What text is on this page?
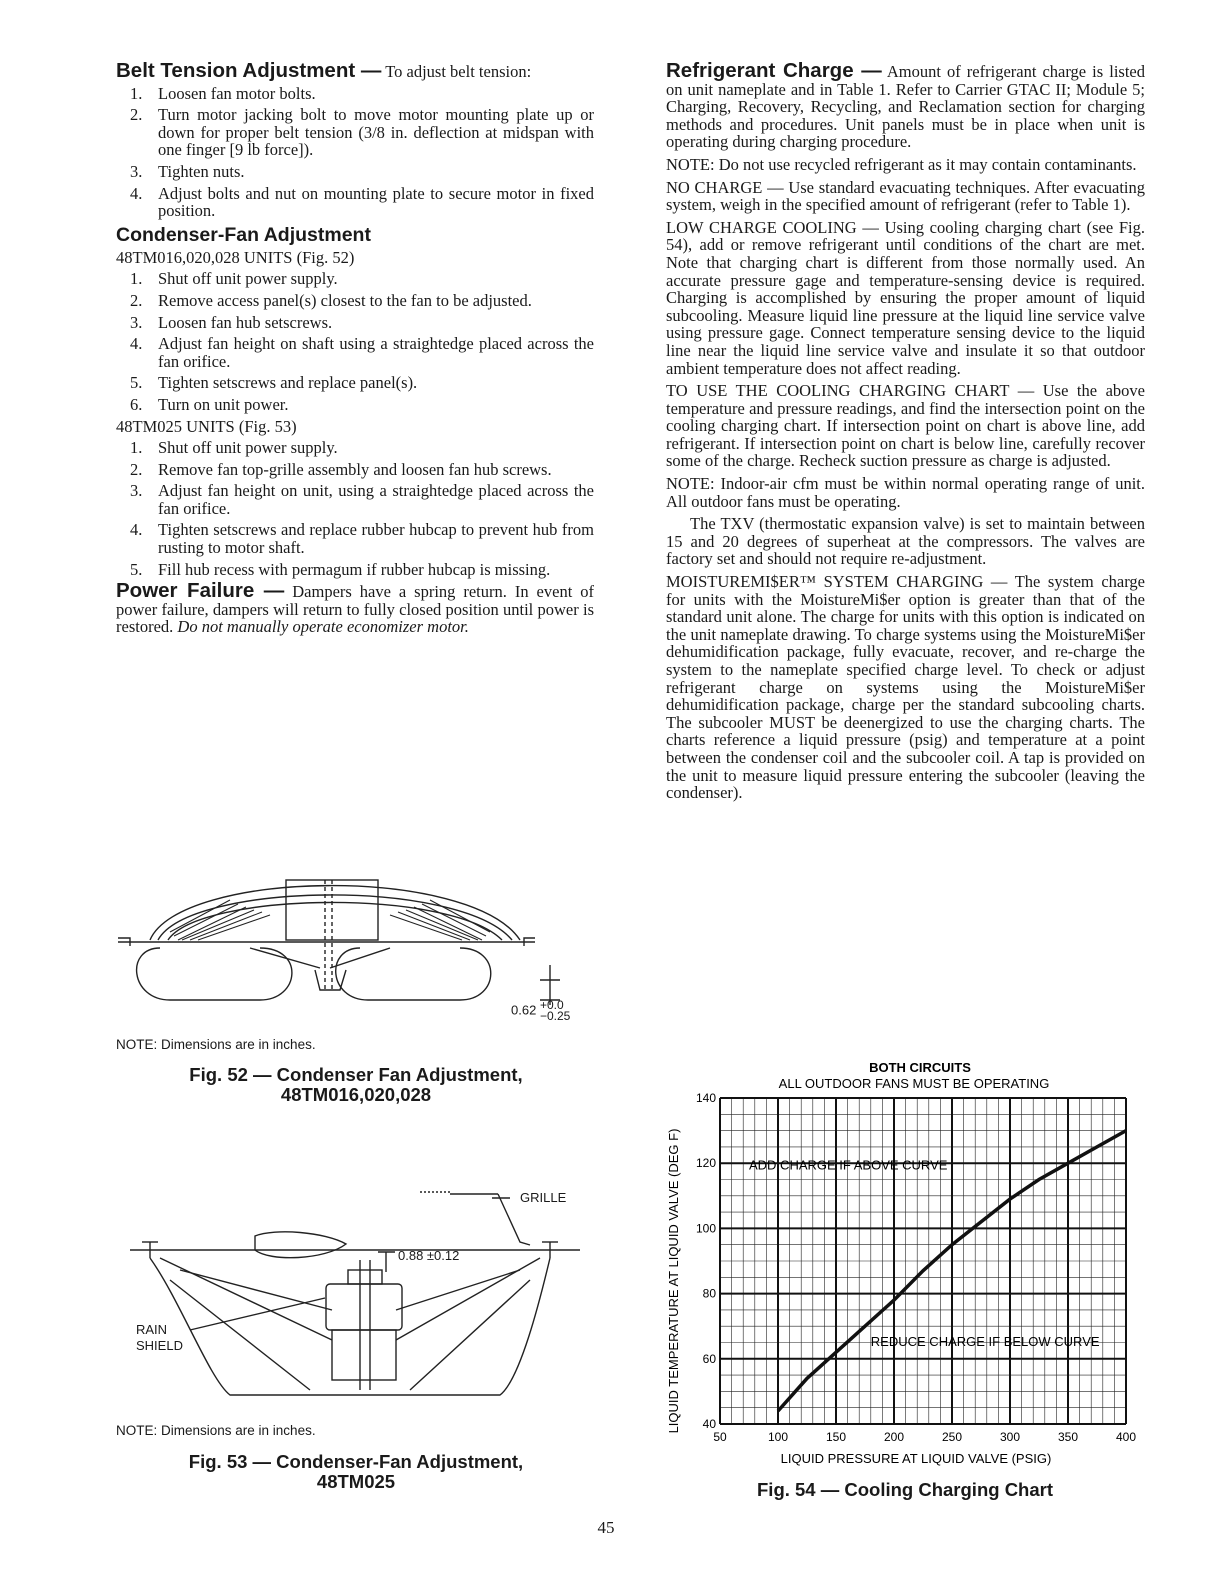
Belt Tension Adjustment — To adjust belt tension:

1. Loosen fan motor bolts.
2. Turn motor jacking bolt to move motor mounting plate up or down for proper belt tension (3/8 in. deflection at midspan with one finger [9 lb force]).
3. Tighten nuts.
4. Adjust bolts and nut on mounting plate to secure motor in fixed position.
Condenser-Fan Adjustment

48TM016,020,028 UNITS (Fig. 52)

1. Shut off unit power supply.
2. Remove access panel(s) closest to the fan to be adjusted.
3. Loosen fan hub setscrews.
4. Adjust fan height on shaft using a straightedge placed across the fan orifice.
5. Tighten setscrews and replace panel(s).
6. Turn on unit power.

48TM025 UNITS (Fig. 53)

1. Shut off unit power supply.
2. Remove fan top-grille assembly and loosen fan hub screws.
3. Adjust fan height on unit, using a straightedge placed across the fan orifice.
4. Tighten setscrews and replace rubber hubcap to prevent hub from rusting to motor shaft.
5. Fill hub recess with permagum if rubber hubcap is missing.

Power Failure — Dampers have a spring return. In event of power failure, dampers will return to fully closed position until power is restored. Do not manually operate economizer motor.

0.62 +0.0
−0.25
NOTE: Dimensions are in inches.
Fig. 52 — Condenser Fan Adjustment,
48TM016,020,028
GRILLE
0.88 ±0.12
RAIN
SHIELD
NOTE: Dimensions are in inches.
Fig. 53 — Condenser-Fan Adjustment,
48TM025

Refrigerant Charge — Amount of refrigerant charge is listed on unit nameplate and in Table 1. Refer to Carrier GTAC II; Module 5; Charging, Recovery, Recycling, and Reclamation section for charging methods and procedures. Unit panels must be in place when unit is operating during charging procedure.

NOTE: Do not use recycled refrigerant as it may contain contaminants.

NO CHARGE — Use standard evacuating techniques. After evacuating system, weigh in the specified amount of refrigerant (refer to Table 1).

LOW CHARGE COOLING — Using cooling charging chart (see Fig. 54), add or remove refrigerant until conditions of the chart are met. Note that charging chart is different from those normally used. An accurate pressure gage and temperature-sensing device is required. Charging is accomplished by ensuring the proper amount of liquid subcooling. Measure liquid line pressure at the liquid line service valve using pressure gage. Connect temperature sensing device to the liquid line near the liquid line service valve and insulate it so that outdoor ambient temperature does not affect reading.

TO USE THE COOLING CHARGING CHART — Use the above temperature and pressure readings, and find the intersection point on the cooling charging chart. If intersection point on chart is above line, add refrigerant. If intersection point on chart is below line, carefully recover some of the charge. Recheck suction pressure as charge is adjusted.

NOTE: Indoor-air cfm must be within normal operating range of unit. All outdoor fans must be operating.

The TXV (thermostatic expansion valve) is set to maintain between 15 and 20 degrees of superheat at the compressors. The valves are factory set and should not require re-adjustment.

MOISTUREMI$ER™ SYSTEM CHARGING — The system charge for units with the MoistureMi$er option is greater than that of the standard unit alone. The charge for units with this option is indicated on the unit nameplate drawing. To charge systems using the MoistureMi$er dehumidification package, fully evacuate, recover, and re-charge the system to the nameplate specified charge level. To check or adjust refrigerant charge on systems using the MoistureMi$er dehumidification package, charge per the standard subcooling charts. The subcooler MUST be deenergized to use the charging charts. The charts reference a liquid pressure (psig) and temperature at a point between the condenser coil and the subcooler coil. A tap is provided on the unit to measure liquid pressure entering the subcooler (leaving the condenser).

BOTH CIRCUITS
ALL OUTDOOR FANS MUST BE OPERATING
50	100	150	200	250	300	350	400
40
60
80
100
120
140
ADD CHARGE IF ABOVE CURVE
REDUCE CHARGE IF BELOW CURVE
LIQUID PRESSURE AT LIQUID VALVE (PSIG)
LIQUID TEMPERATURE AT LIQUID VALVE (DEG F)
Fig. 54 — Cooling Charging Chart
45
